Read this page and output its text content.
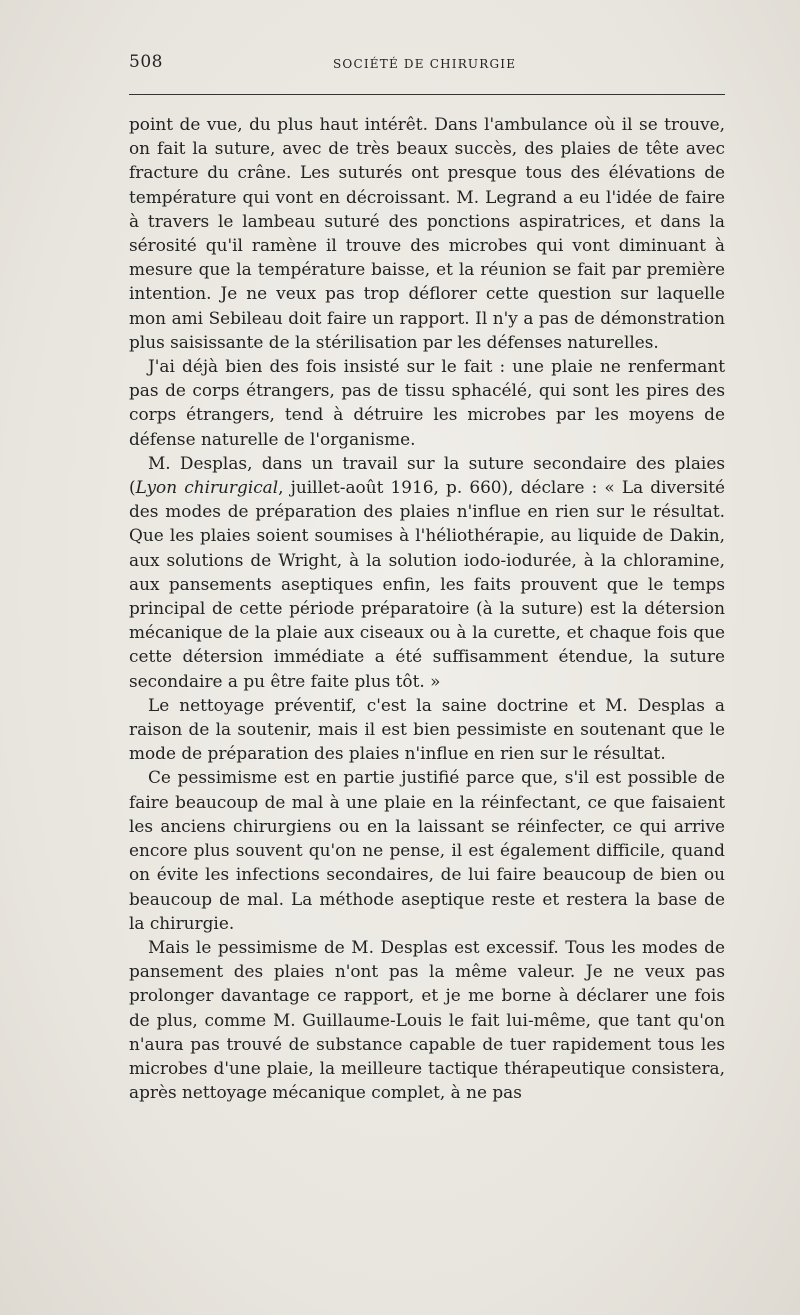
508	SOCIÉTÉ DE CHIRURGIE

point de vue, du plus haut intérêt. Dans l'ambulance où il se trouve, on fait la suture, avec de très beaux succès, des plaies de tête avec fracture du crâne. Les suturés ont presque tous des élévations de température qui vont en décroissant. M. Legrand a eu l'idée de faire à travers le lambeau suturé des ponctions aspiratrices, et dans la sérosité qu'il ramène il trouve des microbes qui vont diminuant à mesure que la température baisse, et la réunion se fait par première intention. Je ne veux pas trop déflorer cette question sur laquelle mon ami Sebileau doit faire un rapport. Il n'y a pas de démonstration plus saisissante de la stérilisation par les défenses naturelles.

J'ai déjà bien des fois insisté sur le fait : une plaie ne renfermant pas de corps étrangers, pas de tissu sphacélé, qui sont les pires des corps étrangers, tend à détruire les microbes par les moyens de défense naturelle de l'organisme.

M. Desplas, dans un travail sur la suture secondaire des plaies (Lyon chirurgical, juillet-août 1916, p. 660), déclare : « La diversité des modes de préparation des plaies n'influe en rien sur le résultat. Que les plaies soient soumises à l'héliothérapie, au liquide de Dakin, aux solutions de Wright, à la solution iodo-iodurée, à la chloramine, aux pansements aseptiques enfin, les faits prouvent que le temps principal de cette période préparatoire (à la suture) est la détersion mécanique de la plaie aux ciseaux ou à la curette, et chaque fois que cette détersion immédiate a été suffisamment étendue, la suture secondaire a pu être faite plus tôt. »

Le nettoyage préventif, c'est la saine doctrine et M. Desplas a raison de la soutenir, mais il est bien pessimiste en soutenant que le mode de préparation des plaies n'influe en rien sur le résultat.

Ce pessimisme est en partie justifié parce que, s'il est possible de faire beaucoup de mal à une plaie en la réinfectant, ce que faisaient les anciens chirurgiens ou en la laissant se réinfecter, ce qui arrive encore plus souvent qu'on ne pense, il est également difficile, quand on évite les infections secondaires, de lui faire beaucoup de bien ou beaucoup de mal. La méthode aseptique reste et restera la base de la chirurgie.

Mais le pessimisme de M. Desplas est excessif. Tous les modes de pansement des plaies n'ont pas la même valeur. Je ne veux pas prolonger davantage ce rapport, et je me borne à déclarer une fois de plus, comme M. Guillaume-Louis le fait lui-même, que tant qu'on n'aura pas trouvé de substance capable de tuer rapidement tous les microbes d'une plaie, la meilleure tactique thérapeutique consistera, après nettoyage mécanique complet, à ne pas
